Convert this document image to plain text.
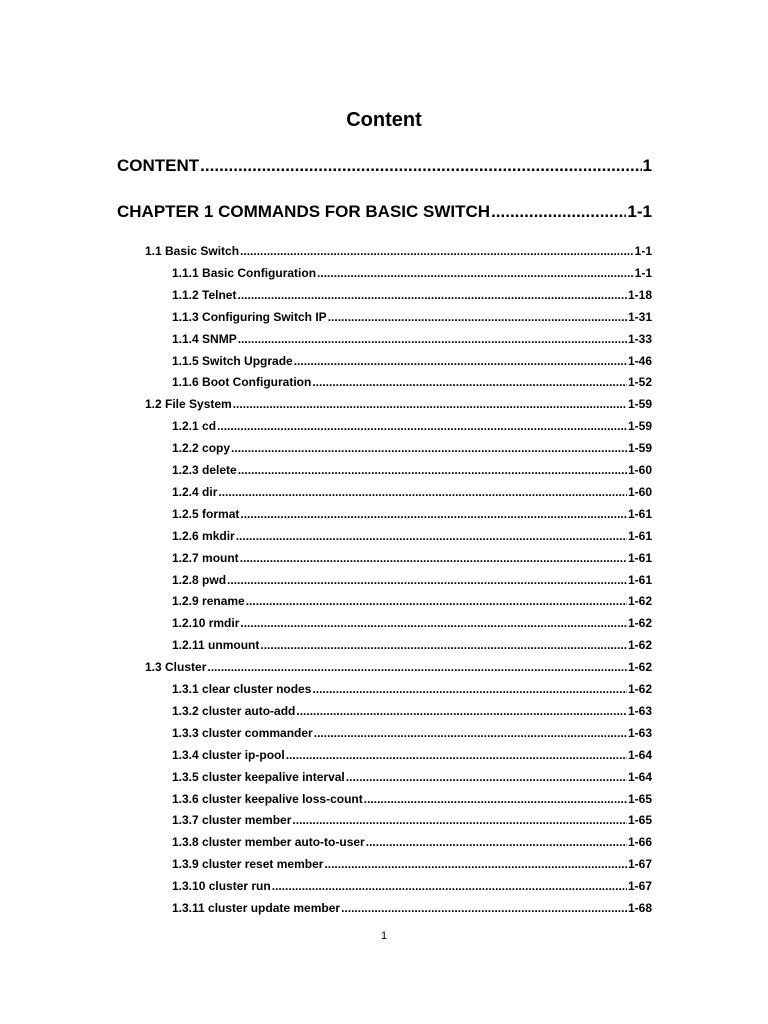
Content
CONTENT .....	1
CHAPTER 1 COMMANDS FOR BASIC SWITCH .....	1-1
1.1 Basic Switch .....	1-1
1.1.1 Basic Configuration .....	1-1
1.1.2 Telnet .....	1-18
1.1.3 Configuring Switch IP .....	1-31
1.1.4 SNMP .....	1-33
1.1.5 Switch Upgrade .....	1-46
1.1.6 Boot Configuration .....	1-52
1.2 File System .....	1-59
1.2.1 cd .....	1-59
1.2.2 copy .....	1-59
1.2.3 delete .....	1-60
1.2.4 dir .....	1-60
1.2.5 format .....	1-61
1.2.6 mkdir .....	1-61
1.2.7 mount .....	1-61
1.2.8 pwd .....	1-61
1.2.9 rename .....	1-62
1.2.10 rmdir .....	1-62
1.2.11 unmount .....	1-62
1.3 Cluster .....	1-62
1.3.1 clear cluster nodes .....	1-62
1.3.2 cluster auto-add .....	1-63
1.3.3 cluster commander .....	1-63
1.3.4 cluster ip-pool .....	1-64
1.3.5 cluster keepalive interval .....	1-64
1.3.6 cluster keepalive loss-count .....	1-65
1.3.7 cluster member .....	1-65
1.3.8 cluster member auto-to-user .....	1-66
1.3.9 cluster reset member .....	1-67
1.3.10 cluster run .....	1-67
1.3.11 cluster update member .....	1-68
1
